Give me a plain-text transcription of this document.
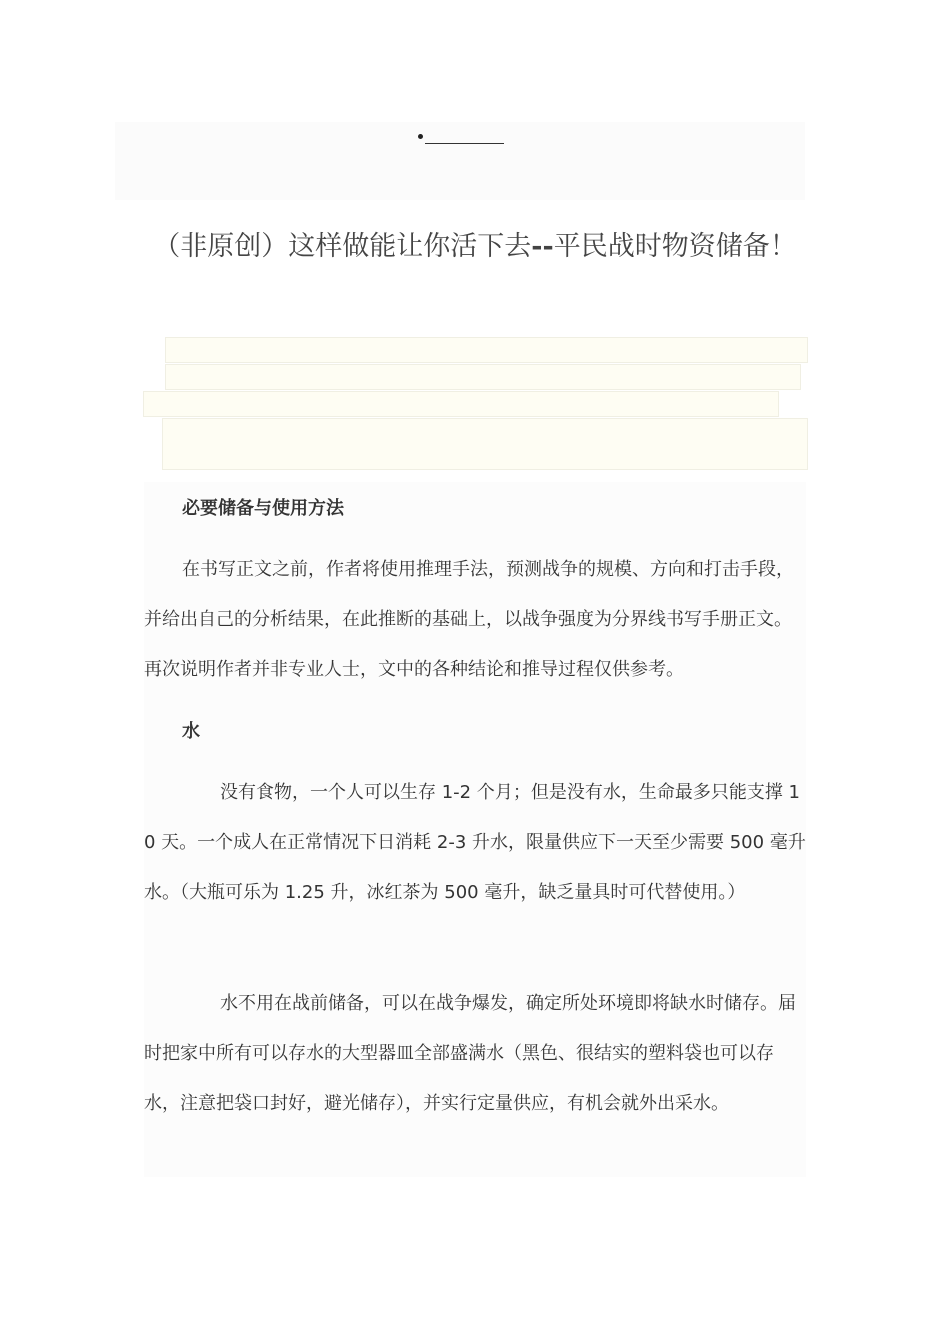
（非原创）这样做能让你活下去--平民战时物资储备！
必要储备与使用方法

在书写正文之前，作者将使用推理手法，预测战争的规模、方向和打击手段，并给出自己的分析结果，在此推断的基础上，以战争强度为分界线书写手册正文。再次说明作者并非专业人士，文中的各种结论和推导过程仅供参考。

水

没有食物，一个人可以生存 1-2 个月；但是没有水，生命最多只能支撑 10 天。一个成人在正常情况下日消耗 2-3 升水，限量供应下一天至少需要 500 毫升水。（大瓶可乐为 1.25 升，冰红茶为 500 毫升，缺乏量具时可代替使用。）

水不用在战前储备，可以在战争爆发，确定所处环境即将缺水时储存。届时把家中所有可以存水的大型器皿全部盛满水（黑色、很结实的塑料袋也可以存水，注意把袋口封好，避光储存），并实行定量供应，有机会就外出采水。
